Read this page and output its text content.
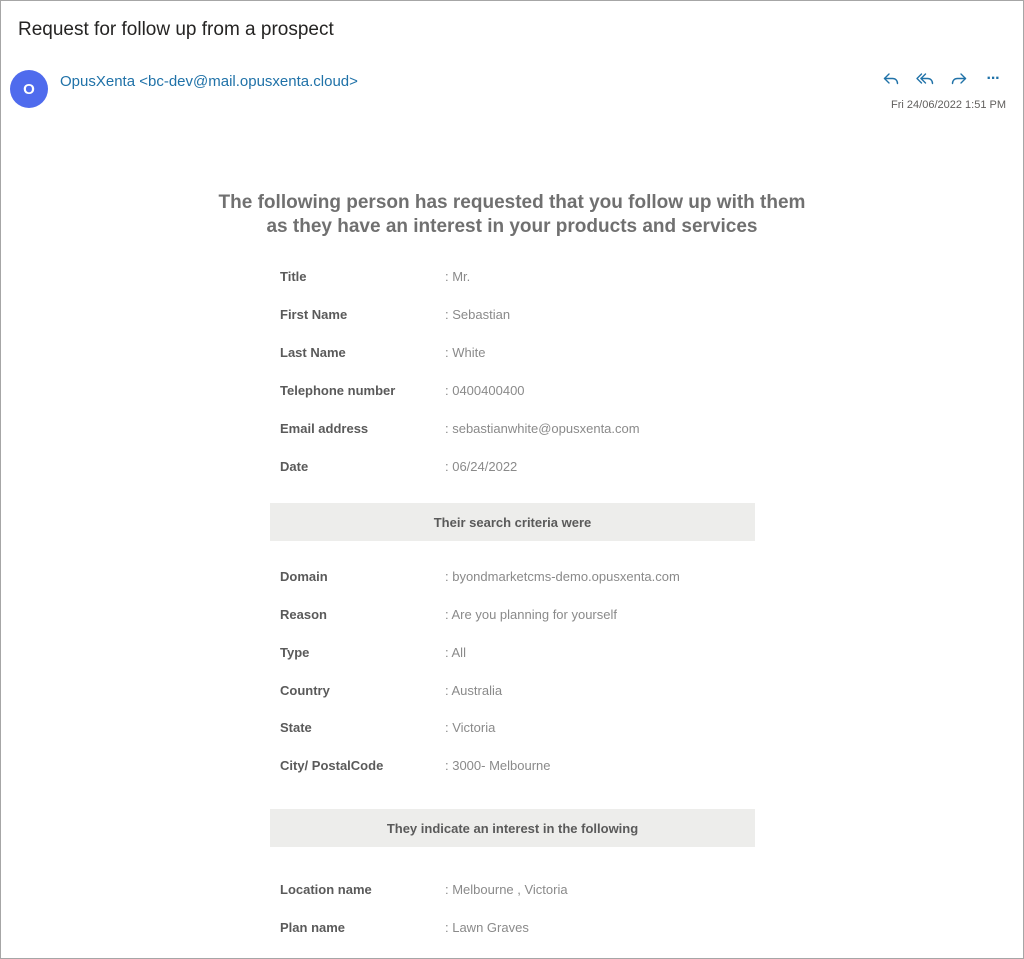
Request for follow up from a prospect
O	OpusXenta <bc-dev@mail.opusxenta.cloud>	···
Fri 24/06/2022 1:51 PM
The following person has requested that you follow up with them
as they have an interest in your products and services
Title	: Mr.
First Name	: Sebastian
Last Name	: White
Telephone number	: 0400400400
Email address	: sebastianwhite@opusxenta.com
Date	: 06/24/2022
Their search criteria were
Domain	: byondmarketcms-demo.opusxenta.com
Reason	: Are you planning for yourself
Type	: All
Country	: Australia
State	: Victoria
City/ PostalCode	: 3000- Melbourne
They indicate an interest in the following
Location name	: Melbourne , Victoria
Plan name	: Lawn Graves
